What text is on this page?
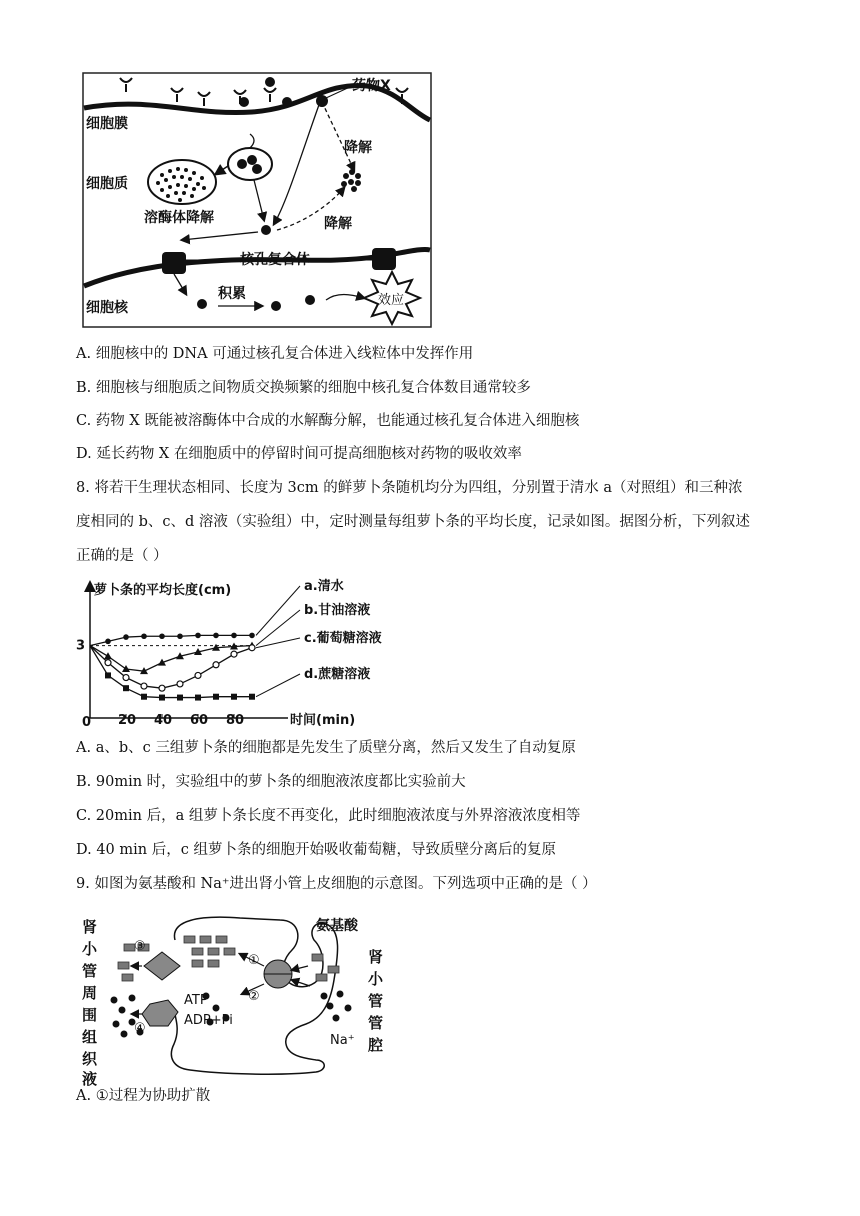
细胞膜
药物X
细胞质
降解
溶酶体降解	降解
核孔复合体
细胞核
积累	效应
A. 细胞核中的 DNA 可通过核孔复合体进入线粒体中发挥作用
B. 细胞核与细胞质之间物质交换频繁的细胞中核孔复合体数目通常较多
C. 药物 X 既能被溶酶体中合成的水解酶分解，也能通过核孔复合体进入细胞核
D. 延长药物 X 在细胞质中的停留时间可提高细胞核对药物的吸收效率
8. 将若干生理状态相同、长度为 3cm 的鲜萝卜条随机均分为四组，分别置于清水 a（对照组）和三种浓
度相同的 b、c、d 溶液（实验组）中，定时测量每组萝卜条的平均长度，记录如图。据图分析，下列叙述
正确的是（ ）
萝卜条的平均长度(cm)
0	时间(min)
20 40 60 80
3
a.清水
b.甘油溶液
c.葡萄糖溶液
d.蔗糖溶液
A. a、b、c 三组萝卜条的细胞都是先发生了质壁分离，然后又发生了自动复原
B. 90min 时，实验组中的萝卜条的细胞液浓度都比实验前大
C. 20min 后，a 组萝卜条长度不再变化，此时细胞液浓度与外界溶液浓度相等
D. 40 min 后，c 组萝卜条的细胞开始吸收葡萄糖，导致质壁分离后的复原
9. 如图为氨基酸和 Na⁺进出肾小管上皮细胞的示意图。下列选项中正确的是（ ）
肾
小
管
周
围
组
织
③
④
①
②
ATP
ADP+Pi
氨基酸
Na⁺
肾
小
管
管
腔
液
A. ①过程为协助扩散
